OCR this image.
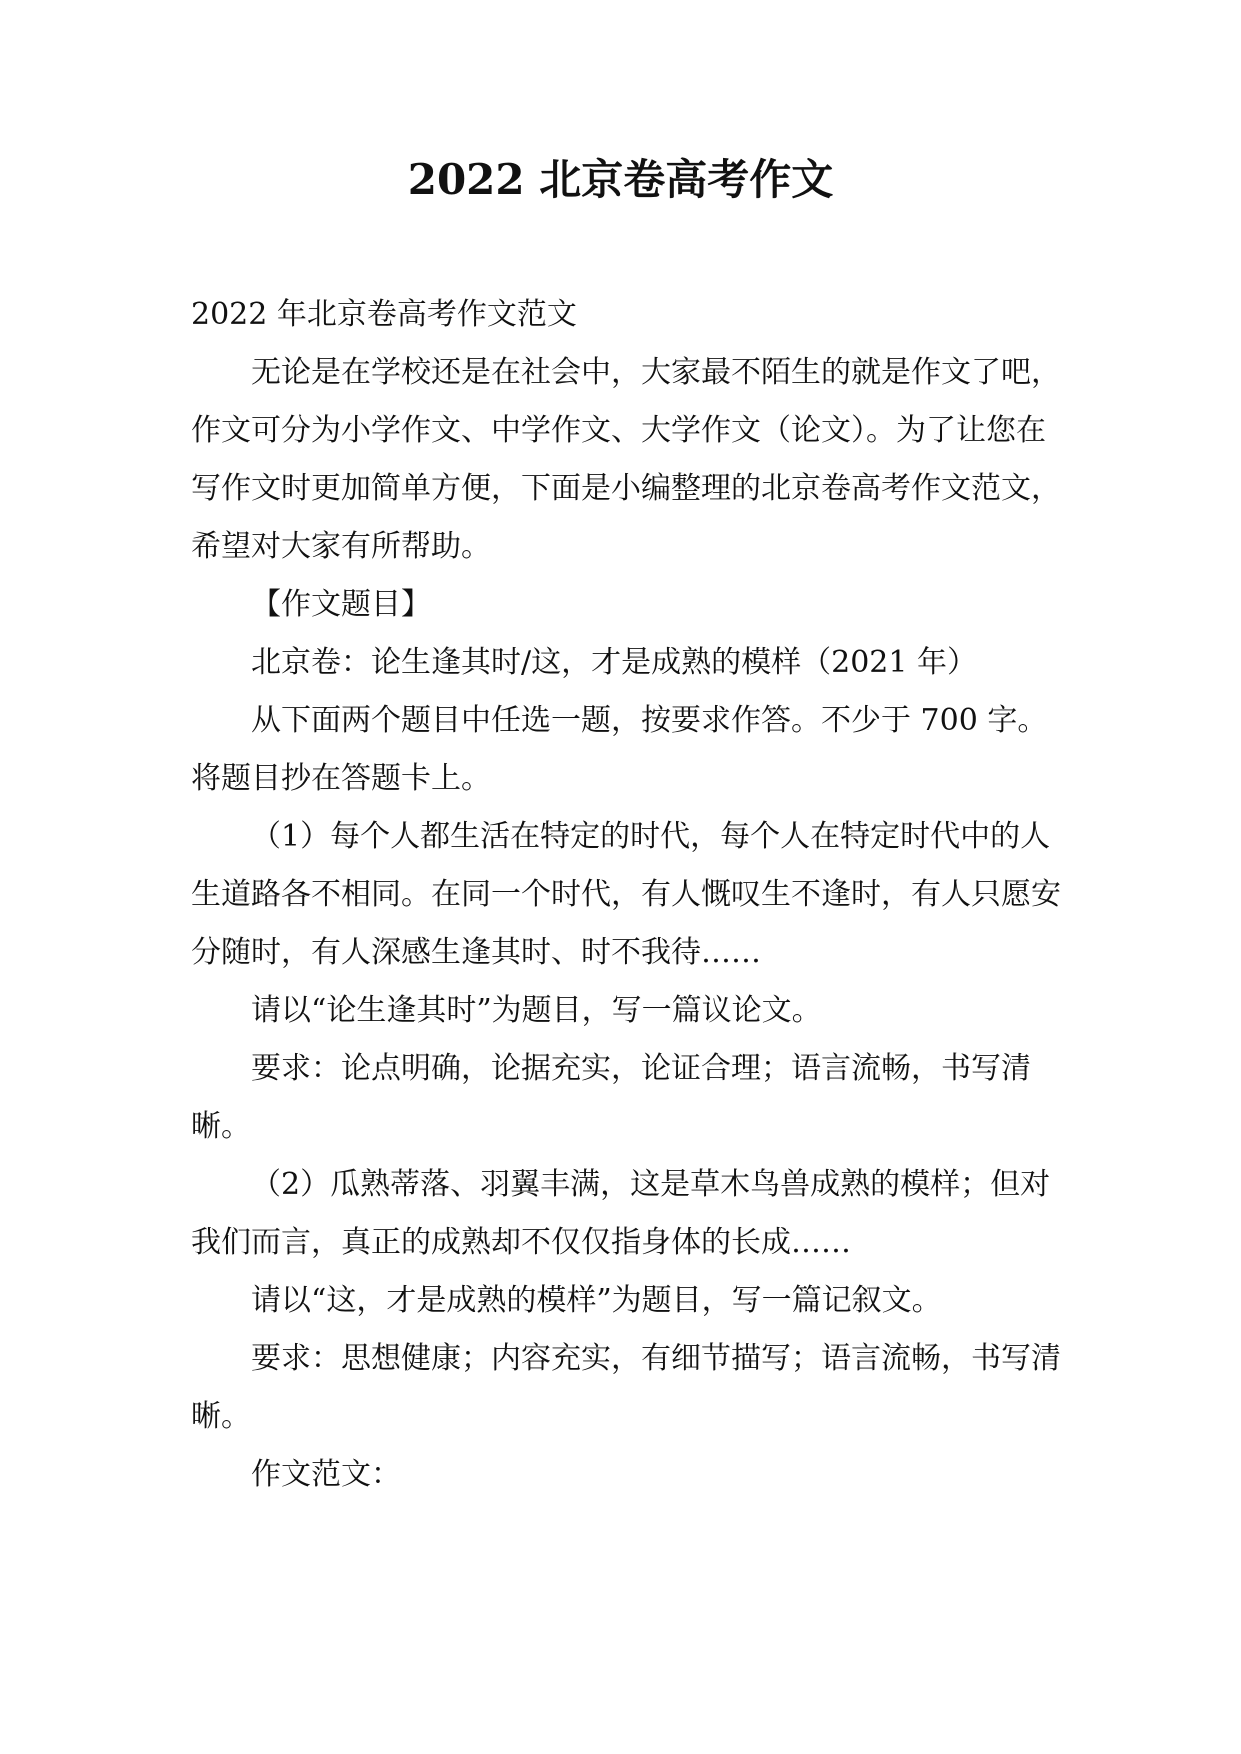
2022 北京卷高考作文

2022 年北京卷高考作文范文

无论是在学校还是在社会中，大家最不陌生的就是作文了吧，作文可分为小学作文、中学作文、大学作文（论文）。为了让您在写作文时更加简单方便，下面是小编整理的北京卷高考作文范文，希望对大家有所帮助。

【作文题目】

北京卷：论生逢其时/这，才是成熟的模样（2021 年）

从下面两个题目中任选一题，按要求作答。不少于 700 字。将题目抄在答题卡上。

（1）每个人都生活在特定的时代，每个人在特定时代中的人生道路各不相同。在同一个时代，有人慨叹生不逢时，有人只愿安分随时，有人深感生逢其时、时不我待……

请以“论生逢其时”为题目，写一篇议论文。

要求：论点明确，论据充实，论证合理；语言流畅，书写清晰。

（2）瓜熟蒂落、羽翼丰满，这是草木鸟兽成熟的模样；但对我们而言，真正的成熟却不仅仅指身体的长成……

请以“这，才是成熟的模样”为题目，写一篇记叙文。

要求：思想健康；内容充实，有细节描写；语言流畅，书写清晰。

作文范文：
